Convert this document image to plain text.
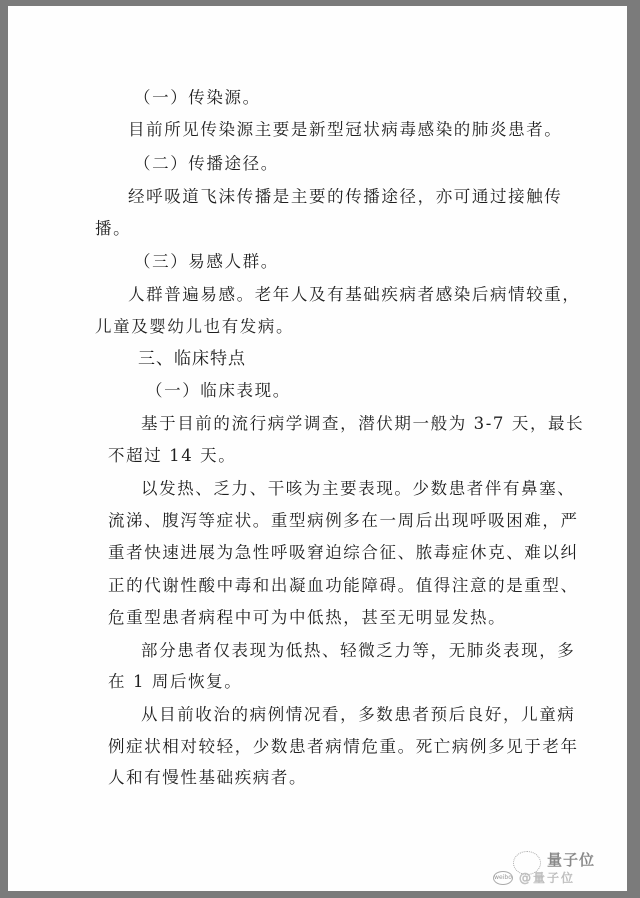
（一）传染源。
目前所见传染源主要是新型冠状病毒感染的肺炎患者。
（二）传播途径。
经呼吸道飞沫传播是主要的传播途径，亦可通过接触传
播。
（三）易感人群。
人群普遍易感。老年人及有基础疾病者感染后病情较重，
儿童及婴幼儿也有发病。
三、临床特点
（一）临床表现。
基于目前的流行病学调查，潜伏期一般为 3-7 天，最长
不超过 14 天。
以发热、乏力、干咳为主要表现。少数患者伴有鼻塞、
流涕、腹泻等症状。重型病例多在一周后出现呼吸困难，严
重者快速进展为急性呼吸窘迫综合征、脓毒症休克、难以纠
正的代谢性酸中毒和出凝血功能障碍。值得注意的是重型、
危重型患者病程中可为中低热，甚至无明显发热。
部分患者仅表现为低热、轻微乏力等，无肺炎表现，多
在 1 周后恢复。
从目前收治的病例情况看，多数患者预后良好，儿童病
例症状相对较轻，少数患者病情危重。死亡病例多见于老年
人和有慢性基础疾病者。
weibo
量子位
@量子位
